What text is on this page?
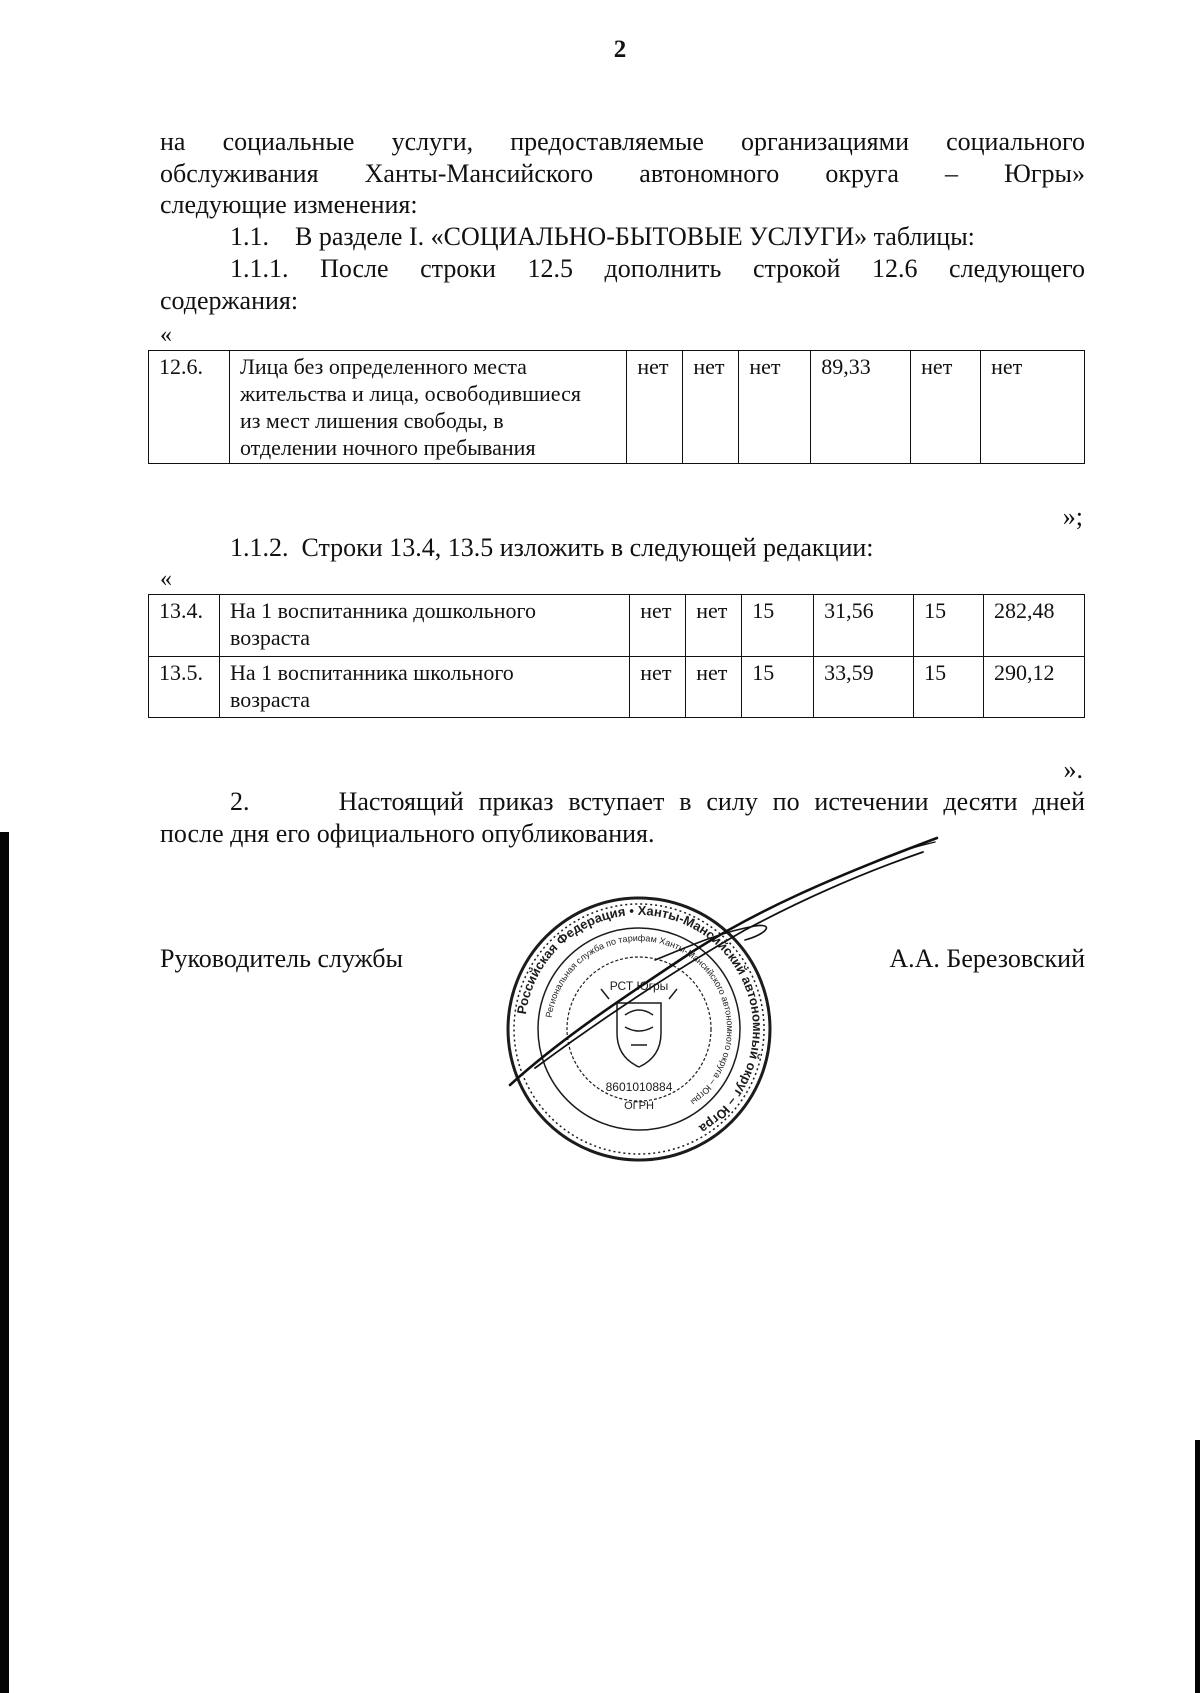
2
на социальные услуги, предоставляемые организациями социального
обслуживания Ханты-Мансийского автономного округа – Югры»
следующие изменения:
1.1.    В разделе I. «СОЦИАЛЬНО-БЫТОВЫЕ УСЛУГИ» таблицы:
1.1.1. После строки 12.5 дополнить строкой 12.6 следующего
содержания:
«
12.6.	Лица без определенного места
жительства и лица, освободившиеся
из мест лишения свободы, в
отделении ночного пребывания
	нет	нет	нет	89,33	нет	нет
»;
1.1.2.  Строки 13.4, 13.5 изложить в следующей редакции:
«
13.4.	На 1 воспитанника дошкольного
возраста	нет	нет	15	31,56	15	282,48
13.5.	На 1 воспитанника школьного
возраста	нет	нет	15	33,59	15	290,12
».
2.      Настоящий приказ вступает в силу по истечении десяти дней
после дня его официального опубликования.
Руководитель службы	А.А. Березовский
Российская Федерация • Ханты-Мансийский автономный округ – Югра
Региональная служба по тарифам Ханты-Мансийского автономного округа – Югры
РСТ Югры
8601010884
ОГРН
